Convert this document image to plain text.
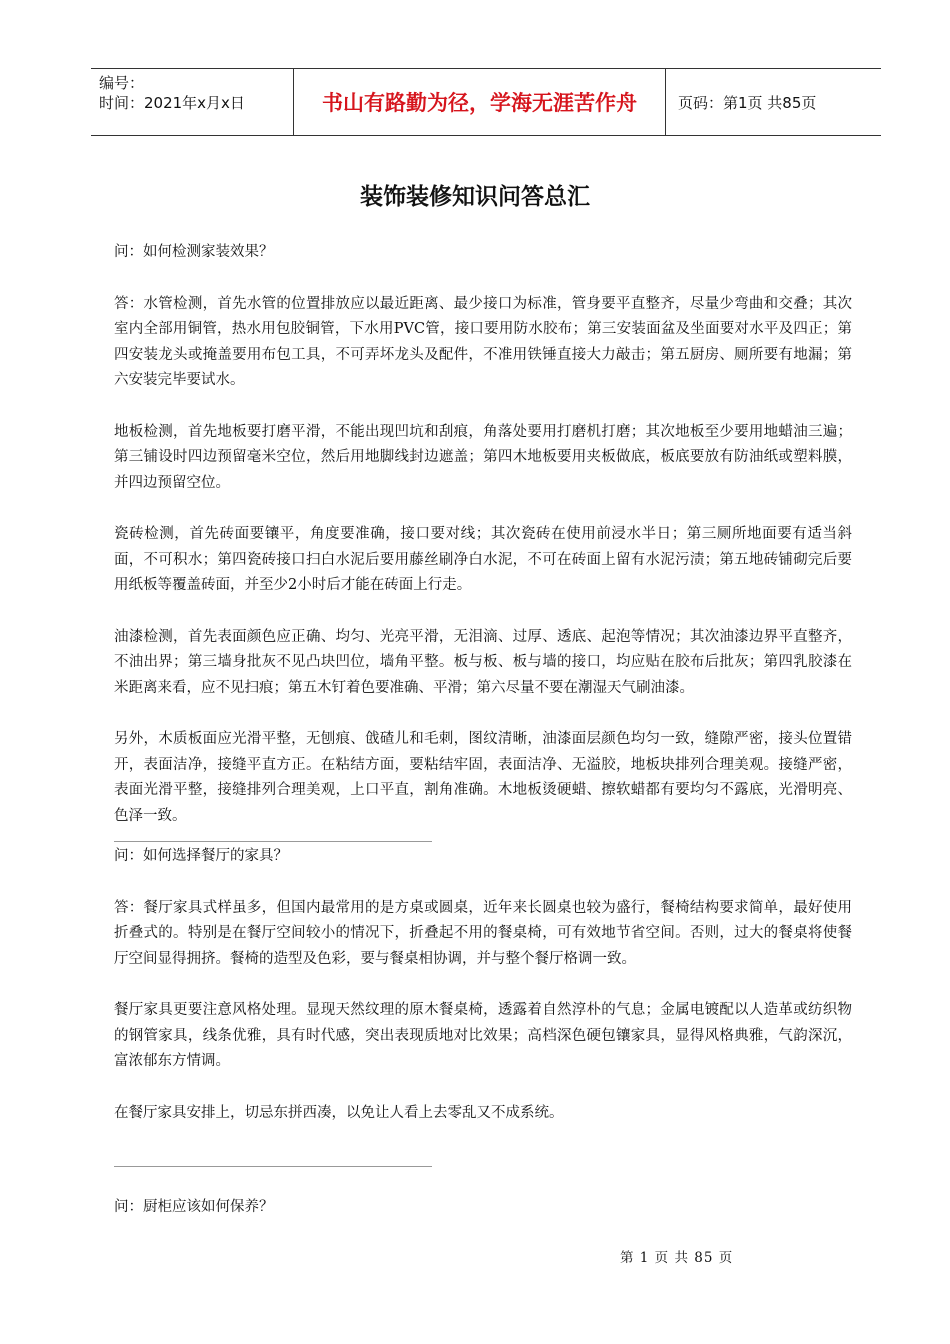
编号：
时间：2021年x月x日	书山有路勤为径，学海无涯苦作舟	页码：第1页 共85页
装饰装修知识问答总汇

问：如何检测家装效果？

答：水管检测，首先水管的位置排放应以最近距离、最少接口为标准，管身要平直整齐，尽量少弯曲和交叠；其次室内全部用铜管，热水用包胶铜管，下水用PVC管，接口要用防水胶布；第三安装面盆及坐面要对水平及四正；第四安装龙头或掩盖要用布包工具，不可弄坏龙头及配件，不准用铁锤直接大力敲击；第五厨房、厕所要有地漏；第六安装完毕要试水。

地板检测，首先地板要打磨平滑，不能出现凹坑和刮痕，角落处要用打磨机打磨；其次地板至少要用地蜡油三遍；第三铺设时四边预留毫米空位，然后用地脚线封边遮盖；第四木地板要用夹板做底，板底要放有防油纸或塑料膜，并四边预留空位。

瓷砖检测，首先砖面要镶平，角度要准确，接口要对线；其次瓷砖在使用前浸水半日；第三厕所地面要有适当斜面，不可积水；第四瓷砖接口扫白水泥后要用藤丝刷净白水泥，不可在砖面上留有水泥污渍；第五地砖铺砌完后要用纸板等覆盖砖面，并至少2小时后才能在砖面上行走。

油漆检测，首先表面颜色应正确、均匀、光亮平滑，无泪滴、过厚、透底、起泡等情况；其次油漆边界平直整齐，不油出界；第三墙身批灰不见凸块凹位，墙角平整。板与板、板与墙的接口，均应贴在胶布后批灰；第四乳胶漆在米距离来看，应不见扫痕；第五木钉着色要准确、平滑；第六尽量不要在潮湿天气刷油漆。

另外，木质板面应光滑平整，无刨痕、戗碴儿和毛刺，图纹清晰，油漆面层颜色均匀一致，缝隙严密，接头位置错开，表面洁净，接缝平直方正。在粘结方面，要粘结牢固，表面洁净、无溢胶，地板块排列合理美观。接缝严密，表面光滑平整，接缝排列合理美观，上口平直，割角准确。木地板烫硬蜡、擦软蜡都有要均匀不露底，光滑明亮、色泽一致。

问：如何选择餐厅的家具？

答：餐厅家具式样虽多，但国内最常用的是方桌或圆桌，近年来长圆桌也较为盛行，餐椅结构要求简单，最好使用折叠式的。特别是在餐厅空间较小的情况下，折叠起不用的餐桌椅，可有效地节省空间。否则，过大的餐桌将使餐厅空间显得拥挤。餐椅的造型及色彩，要与餐桌相协调，并与整个餐厅格调一致。

餐厅家具更要注意风格处理。显现天然纹理的原木餐桌椅，透露着自然淳朴的气息；金属电镀配以人造革或纺织物的钢管家具，线条优雅，具有时代感，突出表现质地对比效果；高档深色硬包镶家具，显得风格典雅，气韵深沉，富浓郁东方情调。

在餐厅家具安排上，切忌东拼西凑，以免让人看上去零乱又不成系统。

问：厨柜应该如何保养？

第 1 页 共 85 页
